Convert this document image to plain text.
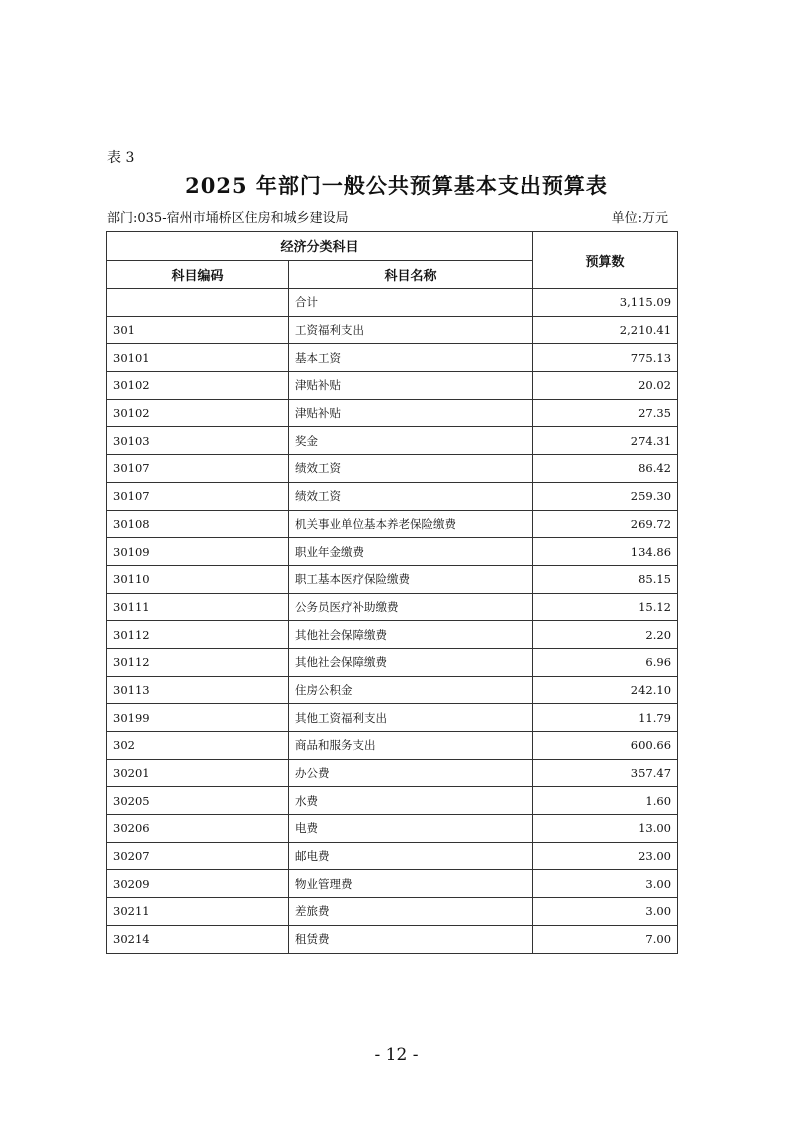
表 3
2025 年部门一般公共预算基本支出预算表
部门:035-宿州市埇桥区住房和城乡建设局	单位:万元
经济分类科目		预算数
科目编码	科目名称	
	合计	3,115.09
301	工资福利支出	2,210.41
30101	基本工资	775.13
30102	津贴补贴	20.02
30102	津贴补贴	27.35
30103	奖金	274.31
30107	绩效工资	86.42
30107	绩效工资	259.30
30108	机关事业单位基本养老保险缴费	269.72
30109	职业年金缴费	134.86
30110	职工基本医疗保险缴费	85.15
30111	公务员医疗补助缴费	15.12
30112	其他社会保障缴费	2.20
30112	其他社会保障缴费	6.96
30113	住房公积金	242.10
30199	其他工资福利支出	11.79
302	商品和服务支出	600.66
30201	办公费	357.47
30205	水费	1.60
30206	电费	13.00
30207	邮电费	23.00
30209	物业管理费	3.00
30211	差旅费	3.00
30214	租赁费	7.00
- 12 -
